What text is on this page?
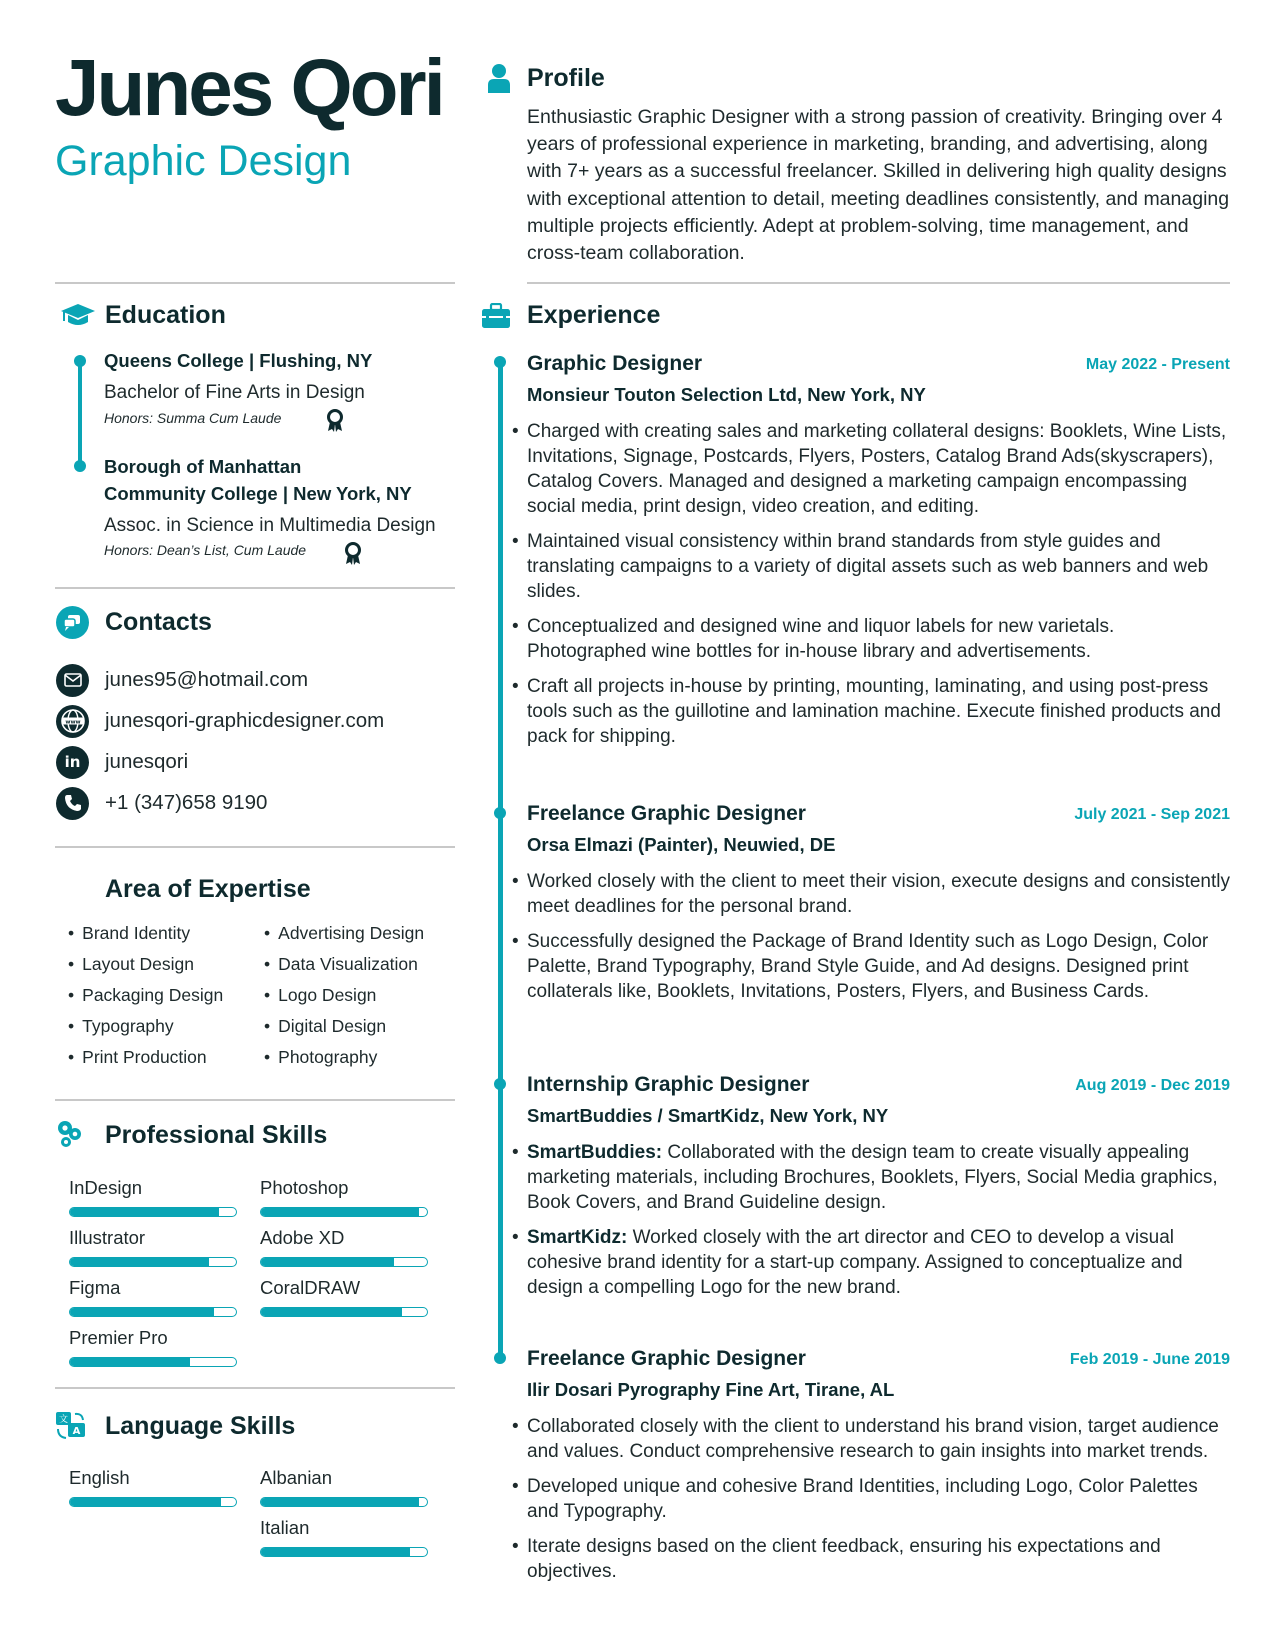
Junes Qori
Graphic Design
Profile
Enthusiastic Graphic Designer with a strong passion of creativity. Bringing over 4 years of professional experience in marketing, branding, and advertising, along with 7+ years as a successful freelancer. Skilled in delivering high quality designs with exceptional attention to detail, meeting deadlines consistently, and managing multiple projects efficiently. Adept at problem-solving, time management, and cross-team collaboration.
Education
Queens College | Flushing, NY
Bachelor of Fine Arts in Design
Honors: Summa Cum Laude
Borough of Manhattan
Community College | New York, NY
Assoc. in Science in Multimedia Design
Honors: Dean’s List, Cum Laude
Contacts
junes95@hotmail.com
www junesqori-graphicdesigner.com
in	junesqori
+1 (347)658 9190
Area of Expertise
• Brand Identity
• Layout Design
• Packaging Design
• Typography
• Print Production
• Advertising Design
• Data Visualization
• Logo Design
• Digital Design
• Photography
Professional Skills
InDesign	Photoshop
Illustrator	Adobe XD
Figma	CoralDRAW
Premier Pro
文
A Language Skills
English	Albanian
Italian
Experience
Graphic Designer	May 2022 - Present
Monsieur Touton Selection Ltd, New York, NY
• Charged with creating sales and marketing collateral designs: Booklets, Wine Lists, Invitations, Signage, Postcards, Flyers, Posters, Catalog Brand Ads(skyscrapers), Catalog Covers. Managed and designed a marketing campaign encompassing social media, print design, video creation, and editing.
• Maintained visual consistency within brand standards from style guides and translating campaigns to a variety of digital assets such as web banners and web slides.
• Conceptualized and designed wine and liquor labels for new varietals. Photographed wine bottles for in-house library and advertisements.
• Craft all projects in-house by printing, mounting, laminating, and using post-press tools such as the guillotine and lamination machine. Execute finished products and pack for shipping.
Freelance Graphic Designer	July 2021 - Sep 2021
Orsa Elmazi (Painter), Neuwied, DE
• Worked closely with the client to meet their vision, execute designs and consistently meet deadlines for the personal brand.
• Successfully designed the Package of Brand Identity such as Logo Design, Color Palette, Brand Typography, Brand Style Guide, and Ad designs. Designed print collaterals like, Booklets, Invitations, Posters, Flyers, and Business Cards.
Internship Graphic Designer	Aug 2019 - Dec 2019
SmartBuddies / SmartKidz, New York, NY
• SmartBuddies: Collaborated with the design team to create visually appealing marketing materials, including Brochures, Booklets, Flyers, Social Media graphics, Book Covers, and Brand Guideline design.
• SmartKidz: Worked closely with the art director and CEO to develop a visual cohesive brand identity for a start-up company. Assigned to conceptualize and design a compelling Logo for the new brand.
Freelance Graphic Designer	Feb 2019 - June 2019
Ilir Dosari Pyrography Fine Art, Tirane, AL
• Collaborated closely with the client to understand his brand vision, target audience and values. Conduct comprehensive research to gain insights into market trends.
• Developed unique and cohesive Brand Identities, including Logo, Color Palettes and Typography.
• Iterate designs based on the client feedback, ensuring his expectations and objectives.
